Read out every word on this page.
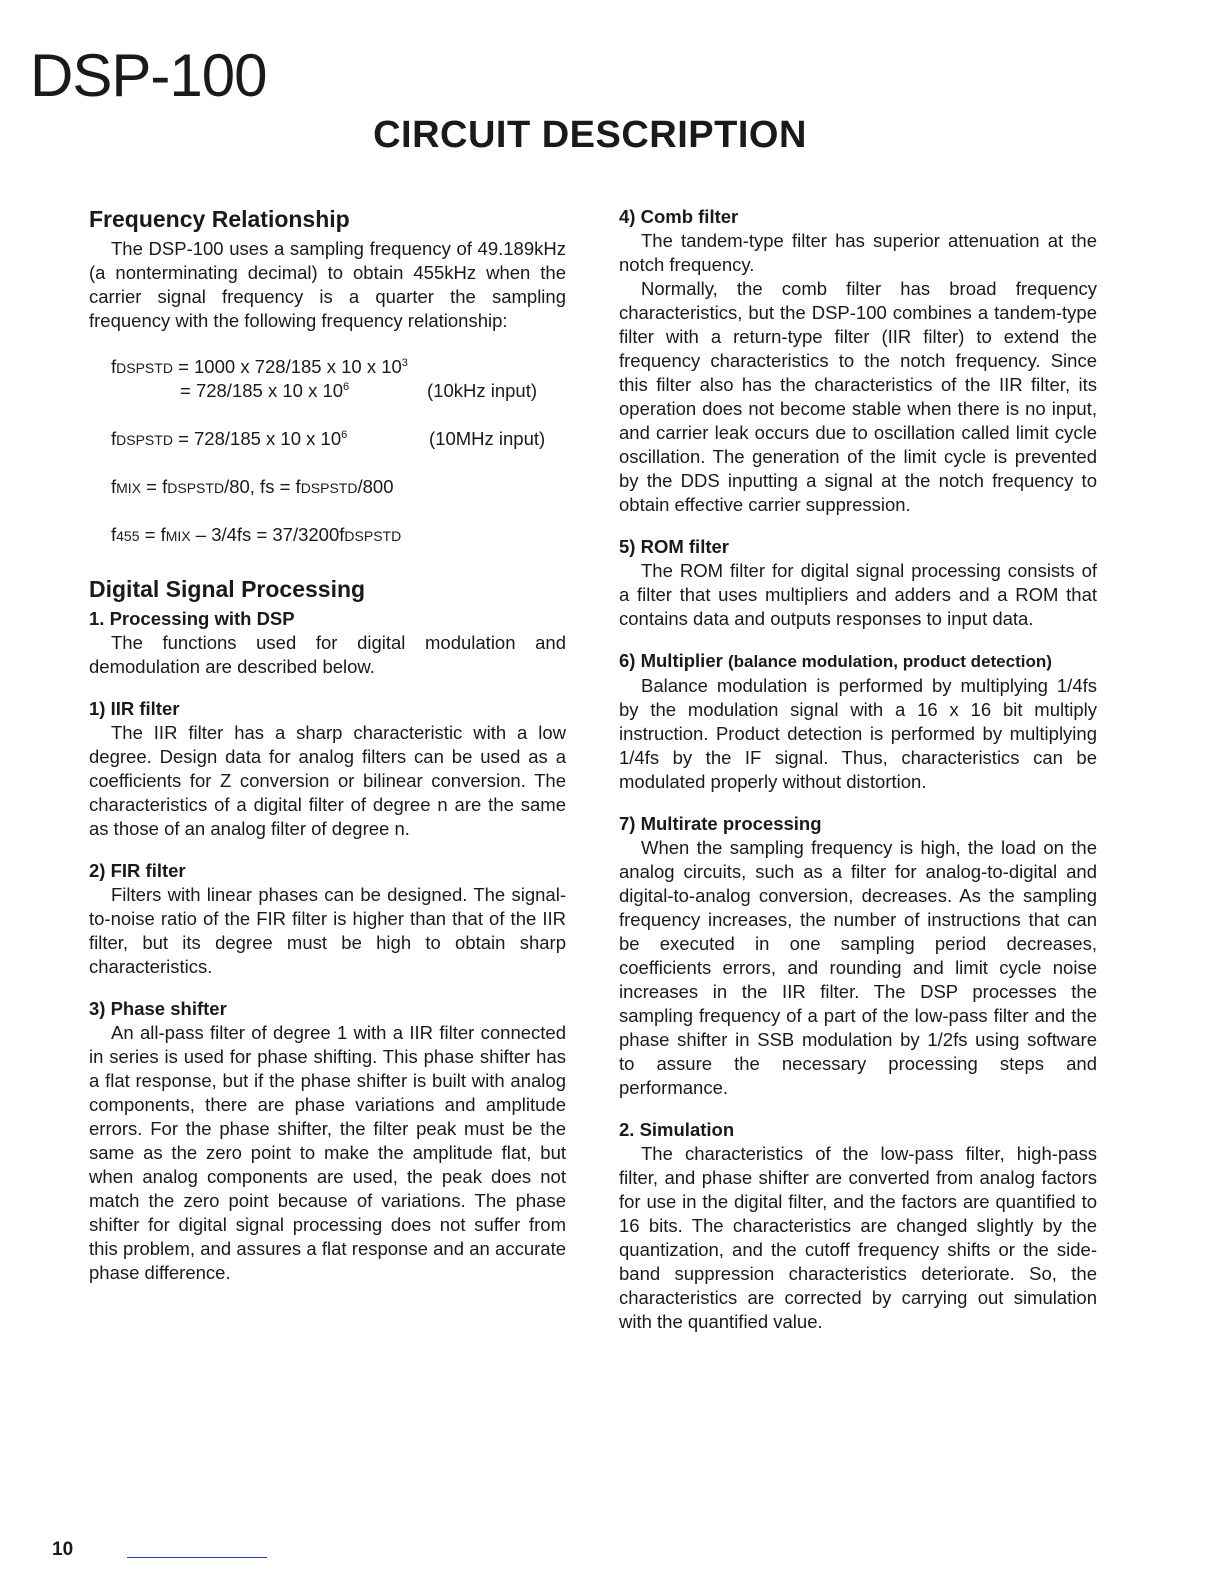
DSP-100
CIRCUIT DESCRIPTION
Frequency Relationship

The DSP-100 uses a sampling frequency of 49.189kHz (a nonterminating decimal) to obtain 455kHz when the carrier signal frequency is a quarter the sampling frequency with the following frequency relationship:

fDSPSTD = 1000 x 728/185 x 10 x $10^3$
= 728/185 x 10 x $10^6$	(10kHz input)
fDSPSTD = 728/185 x 10 x $10^6$	(10MHz input)
fMIX = fDSPSTD/80, fs = fDSPSTD/800
f455 = fMIX – 3/4fs = 37/3200fDSPSTD
Digital Signal Processing
1. Processing with DSP

The functions used for digital modulation and demodulation are described below.

1) IIR filter

The IIR filter has a sharp characteristic with a low degree. Design data for analog filters can be used as a coefficients for Z conversion or bilinear conversion. The characteristics of a digital filter of degree n are the same as those of an analog filter of degree n.

2) FIR filter

Filters with linear phases can be designed. The signal-to-noise ratio of the FIR filter is higher than that of the IIR filter, but its degree must be high to obtain sharp characteristics.

3) Phase shifter

An all-pass filter of degree 1 with a IIR filter connected in series is used for phase shifting. This phase shifter has a flat response, but if the phase shifter is built with analog components, there are phase variations and amplitude errors. For the phase shifter, the filter peak must be the same as the zero point to make the amplitude flat, but when analog components are used, the peak does not match the zero point because of variations. The phase shifter for digital signal processing does not suffer from this problem, and assures a flat response and an accurate phase difference.

4) Comb filter

The tandem-type filter has superior attenuation at the notch frequency.

Normally, the comb filter has broad frequency characteristics, but the DSP-100 combines a tandem-type filter with a return-type filter (IIR filter) to extend the frequency characteristics to the notch frequency. Since this filter also has the characteristics of the IIR filter, its operation does not become stable when there is no input, and carrier leak occurs due to oscillation called limit cycle oscillation. The generation of the limit cycle is prevented by the DDS inputting a signal at the notch frequency to obtain effective carrier suppression.

5) ROM filter

The ROM filter for digital signal processing consists of a filter that uses multipliers and adders and a ROM that contains data and outputs responses to input data.

6) Multiplier (balance modulation, product detection)

Balance modulation is performed by multiplying 1/4fs by the modulation signal with a 16 x 16 bit multiply instruction. Product detection is performed by multiplying 1/4fs by the IF signal. Thus, characteristics can be modulated properly without distortion.

7) Multirate processing

When the sampling frequency is high, the load on the analog circuits, such as a filter for analog-to-digital and digital-to-analog conversion, decreases. As the sampling frequency increases, the number of instructions that can be executed in one sampling period decreases, coefficients errors, and rounding and limit cycle noise increases in the IIR filter. The DSP processes the sampling frequency of a part of the low-pass filter and the phase shifter in SSB modulation by 1/2fs using software to assure the necessary processing steps and performance.

2. Simulation

The characteristics of the low-pass filter, high-pass filter, and phase shifter are converted from analog factors for use in the digital filter, and the factors are quantified to 16 bits. The characteristics are changed slightly by the quantization, and the cutoff frequency shifts or the side-band suppression characteristics deteriorate. So, the characteristics are corrected by carrying out simulation with the quantified value.

10
